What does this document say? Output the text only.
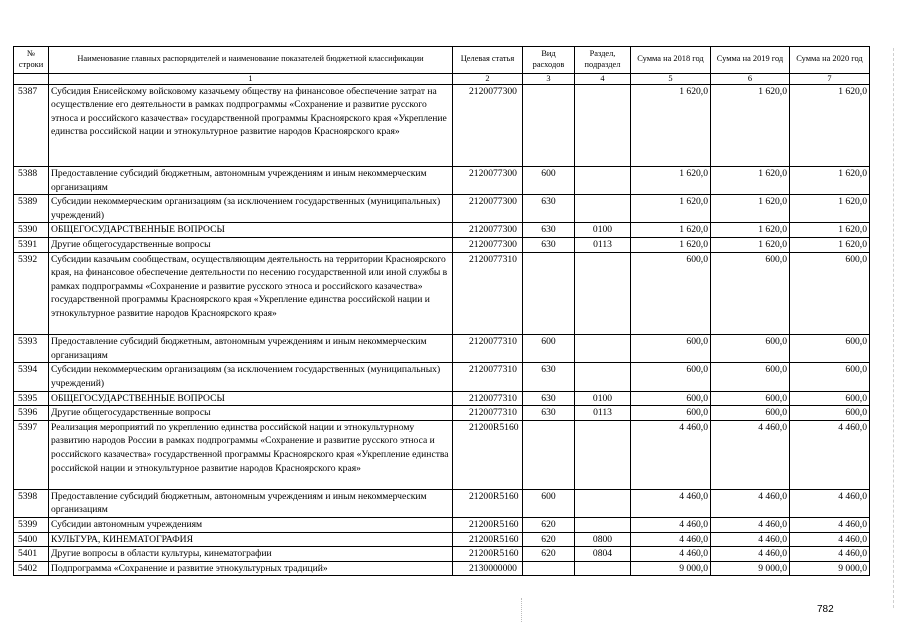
№ строки	Наименование главных распорядителей и наименование показателей бюджетной классификации	Целевая статья	Вид расходов	Раздел, подраздел	Сумма на 2018 год	Сумма на 2019 год	Сумма на 2020 год
	1	2	3	4	5	6	7
5387	Субсидия Енисейскому войсковому казачьему обществу на финансовое обеспечение затрат на осуществление его деятельности в рамках подпрограммы «Сохранение и развитие русского этноса и российского казачества» государственной программы Красноярского края «Укрепление единства российской нации и этнокультурное развитие народов Красноярского края»	2120077300			1 620,0	1 620,0	1 620,0
5388	Предоставление субсидий бюджетным, автономным учреждениям и иным некоммерческим организациям	2120077300	600		1 620,0	1 620,0	1 620,0
5389	Субсидии некоммерческим организациям (за исключением государственных (муниципальных) учреждений)	2120077300	630		1 620,0	1 620,0	1 620,0
5390	ОБЩЕГОСУДАРСТВЕННЫЕ ВОПРОСЫ	2120077300	630	0100	1 620,0	1 620,0	1 620,0
5391	Другие общегосударственные вопросы	2120077300	630	0113	1 620,0	1 620,0	1 620,0
5392	Субсидии казачьим сообществам, осуществляющим деятельность на территории Красноярского края, на финансовое обеспечение деятельности по несению государственной или иной службы в рамках подпрограммы «Сохранение и развитие русского этноса и российского казачества» государственной программы Красноярского края «Укрепление единства российской нации и этнокультурное развитие народов Красноярского края»	2120077310			600,0	600,0	600,0
5393	Предоставление субсидий бюджетным, автономным учреждениям и иным некоммерческим организациям	2120077310	600		600,0	600,0	600,0
5394	Субсидии некоммерческим организациям (за исключением государственных (муниципальных) учреждений)	2120077310	630		600,0	600,0	600,0
5395	ОБЩЕГОСУДАРСТВЕННЫЕ ВОПРОСЫ	2120077310	630	0100	600,0	600,0	600,0
5396	Другие общегосударственные вопросы	2120077310	630	0113	600,0	600,0	600,0
5397	Реализация мероприятий по укреплению единства российской нации и этнокультурному развитию народов России в рамках подпрограммы «Сохранение и развитие русского этноса и российского казачества» государственной программы Красноярского края «Укрепление единства российской нации и этнокультурное развитие народов Красноярского края»	21200R5160			4 460,0	4 460,0	4 460,0
5398	Предоставление субсидий бюджетным, автономным учреждениям и иным некоммерческим организациям	21200R5160	600		4 460,0	4 460,0	4 460,0
5399	Субсидии автономным учреждениям	21200R5160	620		4 460,0	4 460,0	4 460,0
5400	КУЛЬТУРА, КИНЕМАТОГРАФИЯ	21200R5160	620	0800	4 460,0	4 460,0	4 460,0
5401	Другие вопросы в области культуры, кинематографии	21200R5160	620	0804	4 460,0	4 460,0	4 460,0
5402	Подпрограмма «Сохранение и развитие этнокультурных традиций»	2130000000			9 000,0	9 000,0	9 000,0
782
